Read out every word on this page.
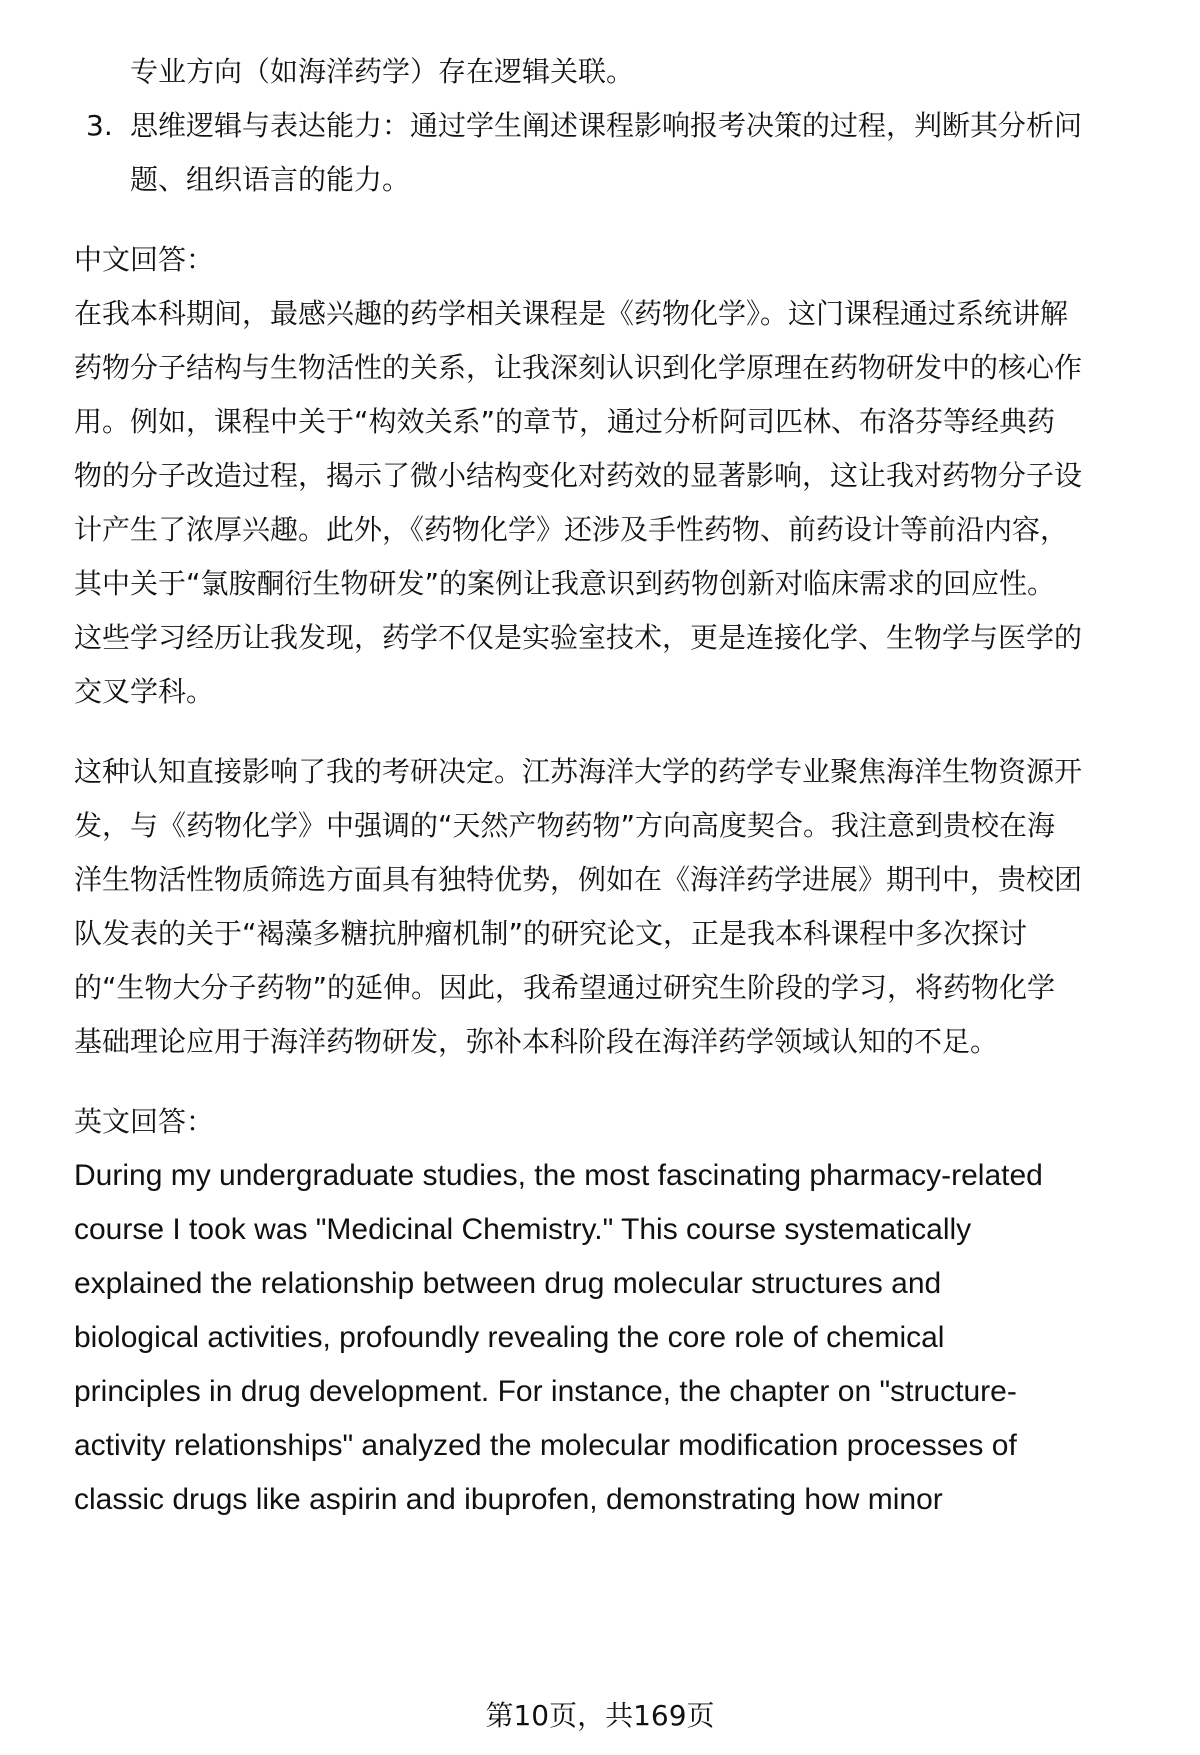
专业方向（如海洋药学）存在逻辑关联。
3. 思维逻辑与表达能力：通过学生阐述课程影响报考决策的过程，判断其分析问
题、组织语言的能力。
中文回答：
在我本科期间，最感兴趣的药学相关课程是《药物化学》。这门课程通过系统讲解
药物分子结构与生物活性的关系，让我深刻认识到化学原理在药物研发中的核心作
用。例如，课程中关于“构效关系”的章节，通过分析阿司匹林、布洛芬等经典药
物的分子改造过程，揭示了微小结构变化对药效的显著影响，这让我对药物分子设
计产生了浓厚兴趣。此外，《药物化学》还涉及手性药物、前药设计等前沿内容，
其中关于“氯胺酮衍生物研发”的案例让我意识到药物创新对临床需求的回应性。
这些学习经历让我发现，药学不仅是实验室技术，更是连接化学、生物学与医学的
交叉学科。
这种认知直接影响了我的考研决定。江苏海洋大学的药学专业聚焦海洋生物资源开
发，与《药物化学》中强调的“天然产物药物”方向高度契合。我注意到贵校在海
洋生物活性物质筛选方面具有独特优势，例如在《海洋药学进展》期刊中，贵校团
队发表的关于“褐藻多糖抗肿瘤机制”的研究论文，正是我本科课程中多次探讨
的“生物大分子药物”的延伸。因此，我希望通过研究生阶段的学习，将药物化学
基础理论应用于海洋药物研发，弥补本科阶段在海洋药学领域认知的不足。
英文回答：
During my undergraduate studies, the most fascinating pharmacy-related
course I took was "Medicinal Chemistry." This course systematically
explained the relationship between drug molecular structures and
biological activities, profoundly revealing the core role of chemical
principles in drug development. For instance, the chapter on "structure-
activity relationships" analyzed the molecular modification processes of
classic drugs like aspirin and ibuprofen, demonstrating how minor
第10页，共169页
